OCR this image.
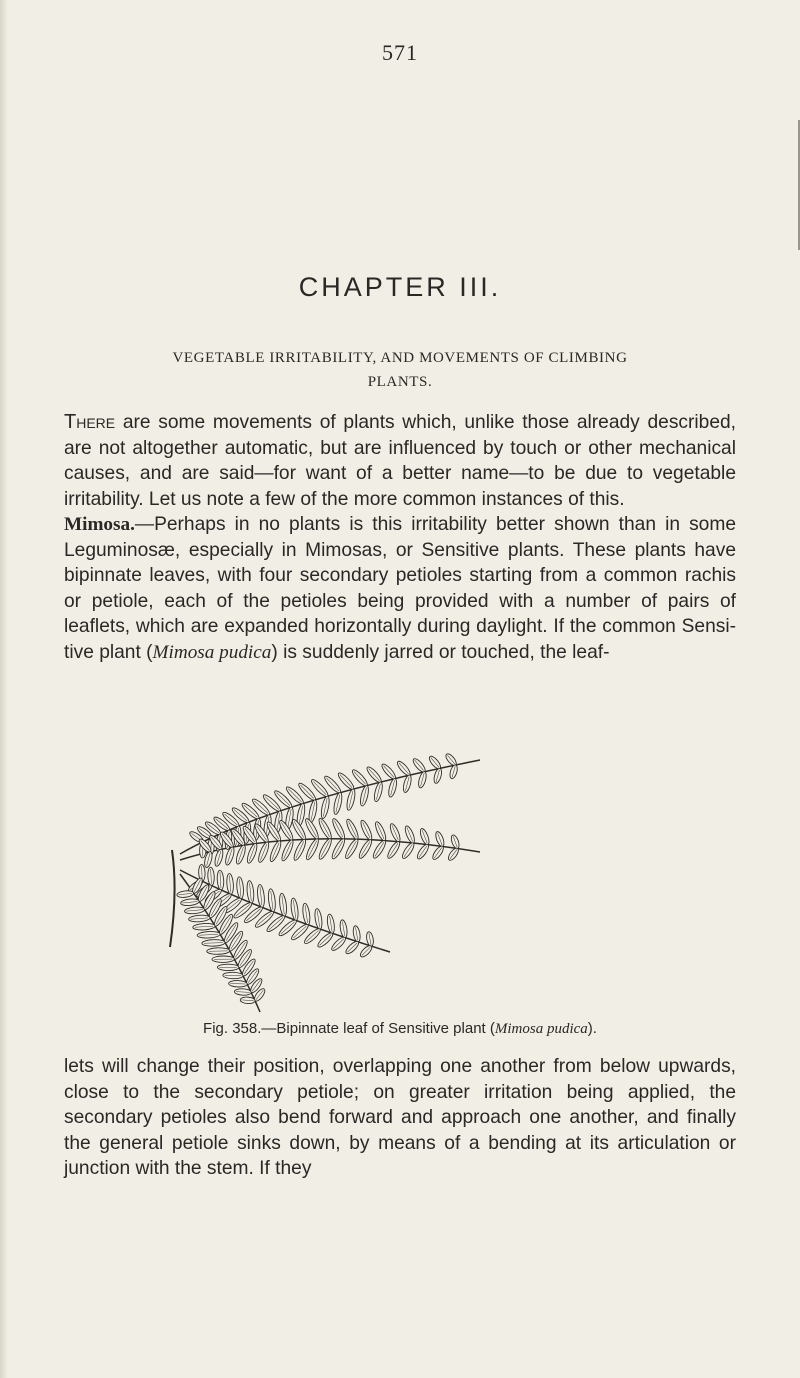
571
CHAPTER III.
VEGETABLE IRRITABILITY, AND MOVEMENTS OF CLIMBING PLANTS.

There are some movements of plants which, unlike those already described, are not altogether automatic, but are influenced by touch or other mechanical causes, and are said—for want of a better name—to be due to vegetable irritability. Let us note a few of the more common instances of this.
Mimosa.—Perhaps in no plants is this irritability better shown than in some Leguminosæ, especially in Mimosas, or Sensitive plants. These plants have bipinnate leaves, with four secondary petioles starting from a common rachis or petiole, each of the petioles being provided with a number of pairs of leaflets, which are expanded horizontally during daylight. If the common Sensitive plant (Mimosa pudica) is suddenly jarred or touched, the leaf-

Fig. 358.—Bipinnate leaf of Sensitive plant (Mimosa pudica).

lets will change their position, overlapping one another from below upwards, close to the secondary petiole; on greater irritation being applied, the secondary petioles also bend forward and approach one another, and finally the general petiole sinks down, by means of a bending at its articulation or junction with the stem. If they
